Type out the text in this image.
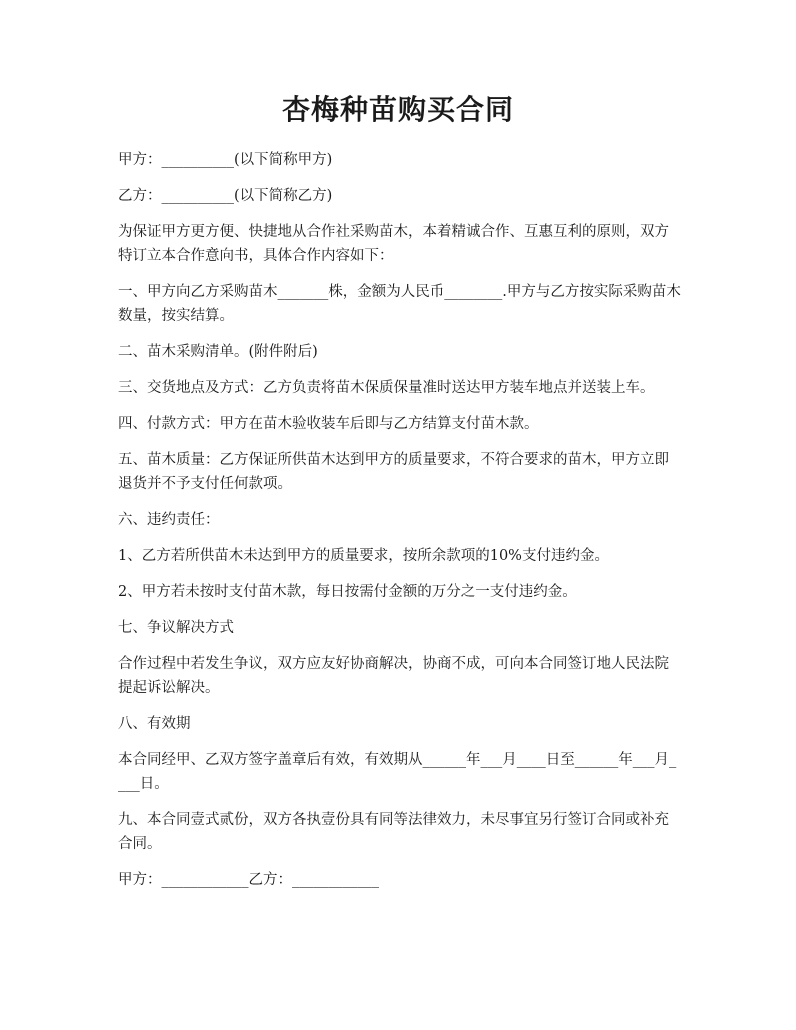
杏梅种苗购买合同

甲方：__________(以下简称甲方)

乙方：__________(以下简称乙方)

为保证甲方更方便、快捷地从合作社采购苗木，本着精诚合作、互惠互利的原则，双方特订立本合作意向书，具体合作内容如下：

一、甲方向乙方采购苗木_______株，金额为人民币________.甲方与乙方按实际采购苗木数量，按实结算。

二、苗木采购清单。(附件附后)

三、交货地点及方式：乙方负责将苗木保质保量准时送达甲方装车地点并送装上车。

四、付款方式：甲方在苗木验收装车后即与乙方结算支付苗木款。

五、苗木质量：乙方保证所供苗木达到甲方的质量要求，不符合要求的苗木，甲方立即退货并不予支付任何款项。

六、违约责任：

1、乙方若所供苗木未达到甲方的质量要求，按所余款项的10%支付违约金。

2、甲方若未按时支付苗木款，每日按需付金额的万分之一支付违约金。

七、争议解决方式

合作过程中若发生争议，双方应友好协商解决，协商不成，可向本合同签订地人民法院提起诉讼解决。

八、有效期

本合同经甲、乙双方签字盖章后有效，有效期从______年___月____日至______年___月____日。

九、本合同壹式贰份，双方各执壹份具有同等法律效力，未尽事宜另行签订合同或补充合同。

甲方：____________乙方：____________
